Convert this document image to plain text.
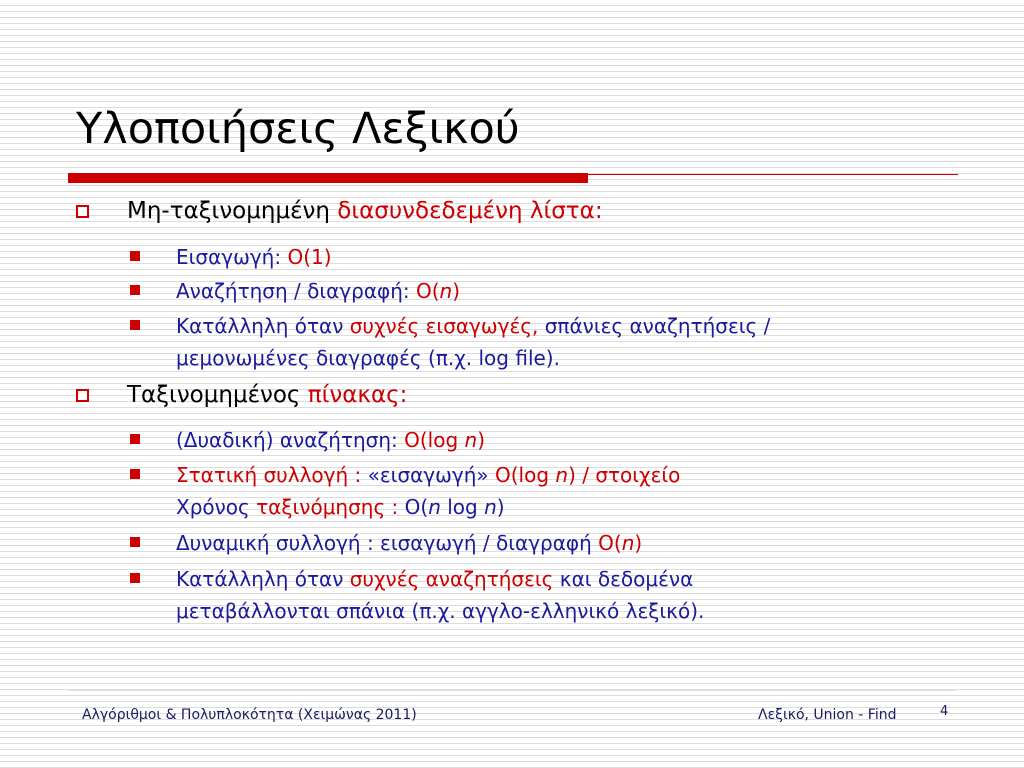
Υλοποιήσεις Λεξικού
Μη-ταξινομημένη διασυνδεδεμένη λίστα:
Εισαγωγή: O(1)
Αναζήτηση / διαγραφή: O(n)
Κατάλληλη όταν συχνές εισαγωγές, σπάνιες αναζητήσεις /
μεμονωμένες διαγραφές (π.χ. log file).
Ταξινομημένος πίνακας:
(Δυαδική) αναζήτηση: O(log n)
Στατική συλλογή : «εισαγωγή» O(log n) / στοιχείο
Χρόνος ταξινόμησης : O(n log n)
Δυναμική συλλογή : εισαγωγή / διαγραφή O(n)
Κατάλληλη όταν συχνές αναζητήσεις και δεδομένα
μεταβάλλονται σπάνια (π.χ. αγγλο-ελληνικό λεξικό).
Αλγόριθμοι & Πολυπλοκότητα (Χειμώνας 2011)	Λεξικό, Union - Find	4
